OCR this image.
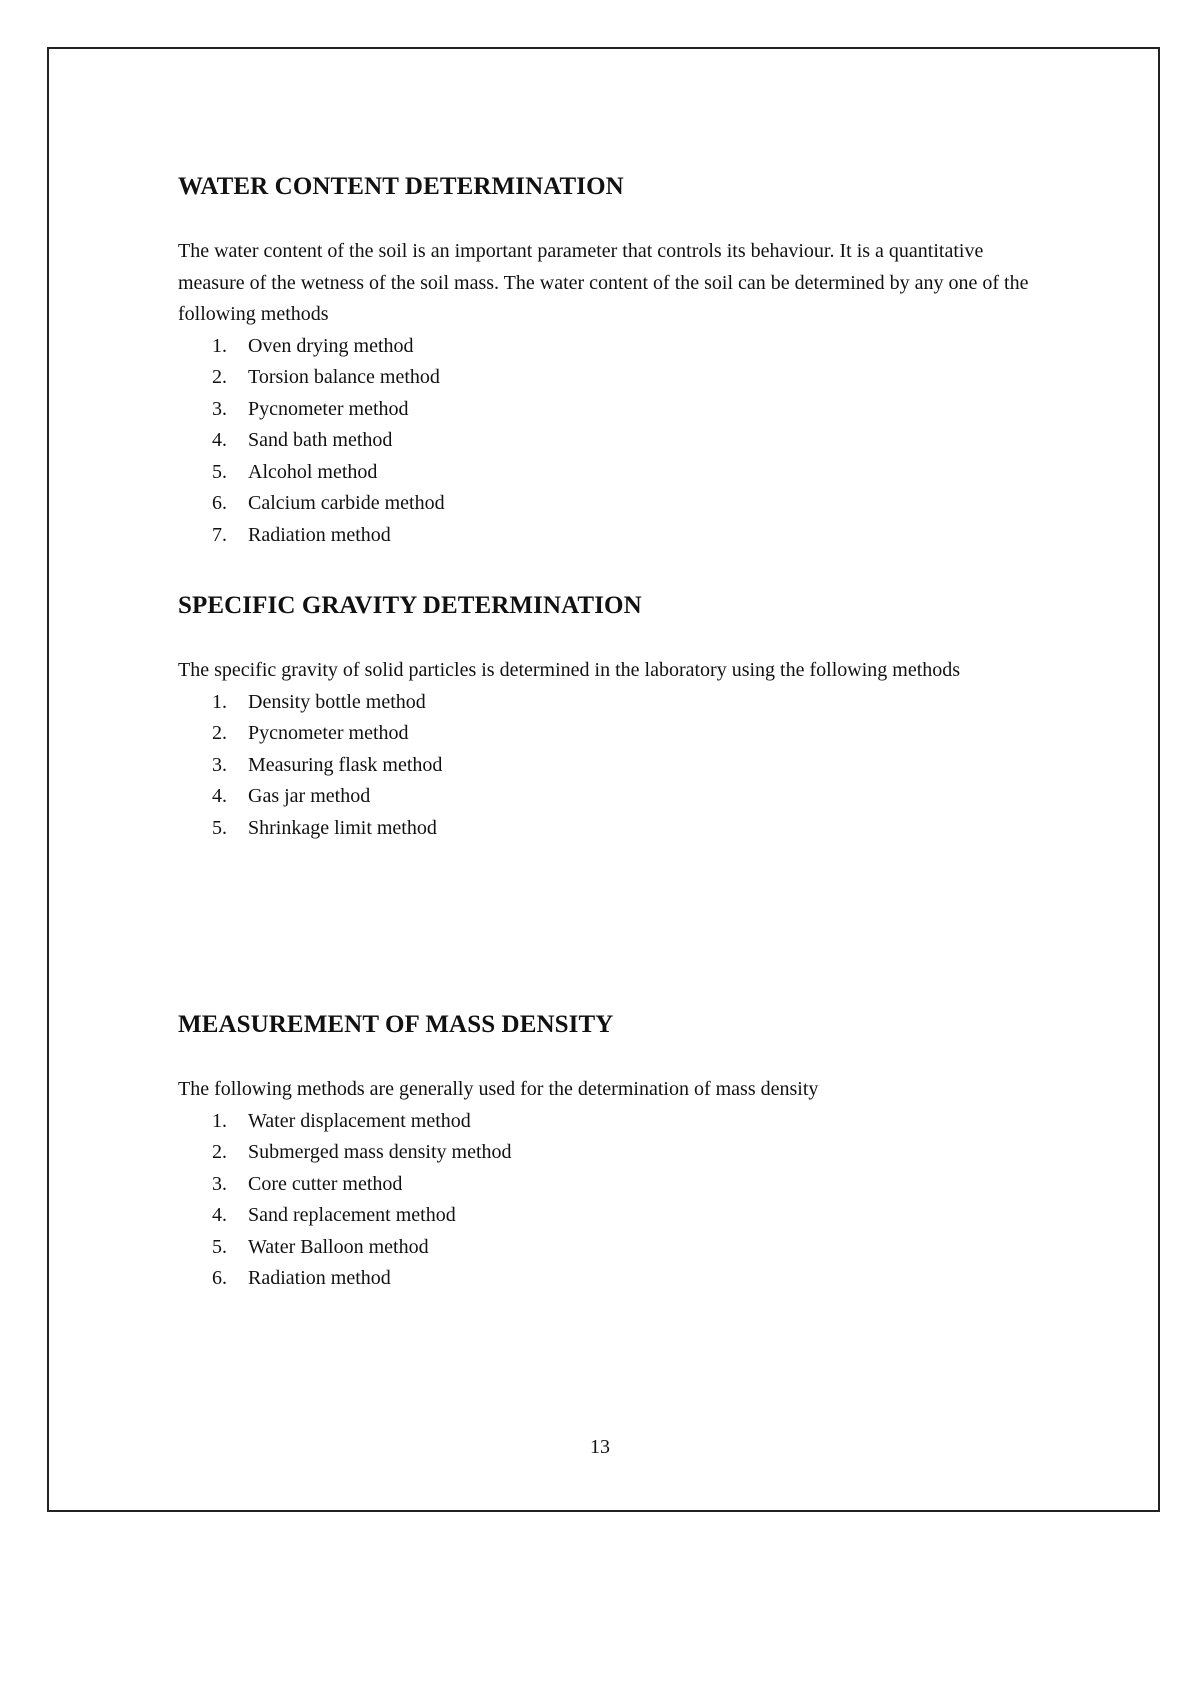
WATER CONTENT DETERMINATION

The water content of the soil is an important parameter that controls its behaviour. It is a quantitative measure of the wetness of the soil mass. The water content of the soil can be determined by any one of the following methods

1.	Oven drying method
2.	Torsion balance method
3.	Pycnometer method
4.	Sand bath method
5.	Alcohol method
6.	Calcium carbide method
7.	Radiation method
SPECIFIC GRAVITY DETERMINATION

The specific gravity of solid particles is determined in the laboratory using the following methods

1.	Density bottle method
2.	Pycnometer method
3.	Measuring flask method
4.	Gas jar method
5.	Shrinkage limit method
MEASUREMENT OF MASS DENSITY

The following methods are generally used for the determination of mass density

1.	Water displacement method
2.	Submerged mass density method
3.	Core cutter method
4.	Sand replacement method
5.	Water Balloon method
6.	Radiation method
13
